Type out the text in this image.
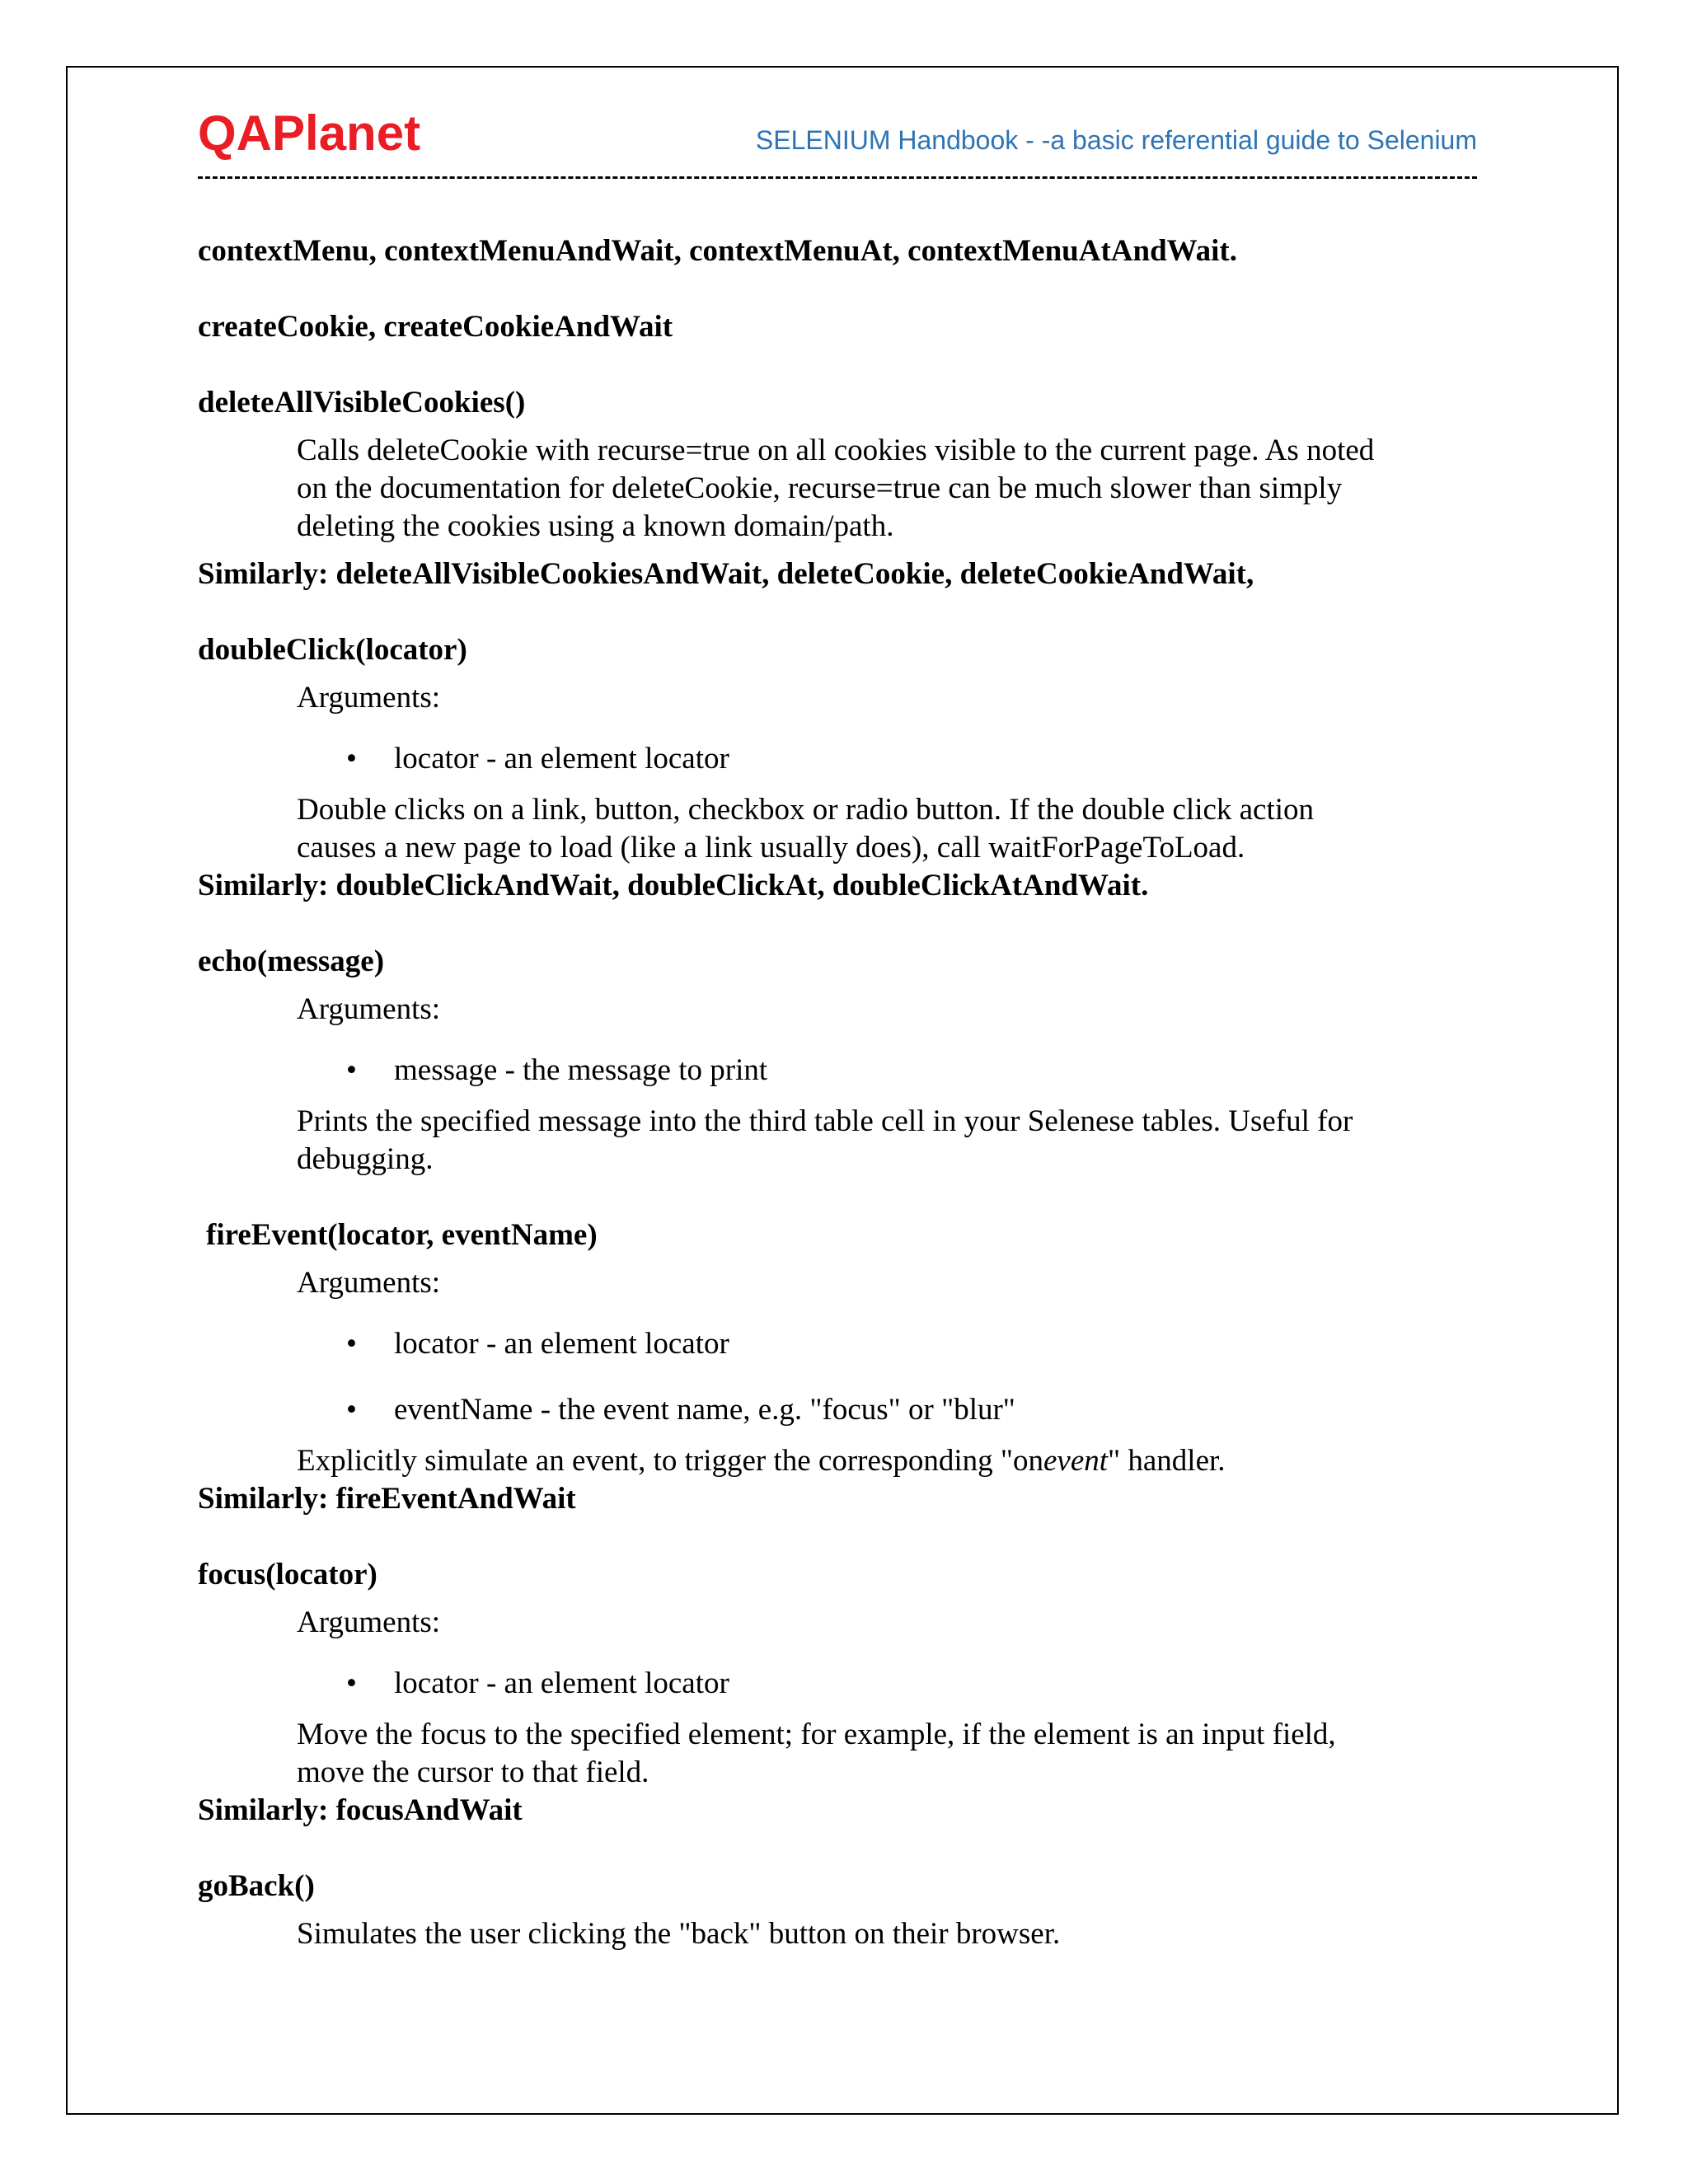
QAPlanet	SELENIUM Handbook - -a basic referential guide to Selenium

contextMenu, contextMenuAndWait, contextMenuAt, contextMenuAtAndWait.

createCookie, createCookieAndWait

deleteAllVisibleCookies()

Calls deleteCookie with recurse=true on all cookies visible to the current page. As noted

on the documentation for deleteCookie, recurse=true can be much slower than simply

deleting the cookies using a known domain/path.

Similarly: deleteAllVisibleCookiesAndWait, deleteCookie, deleteCookieAndWait,

doubleClick(locator)

Arguments:

• locator - an element locator

Double clicks on a link, button, checkbox or radio button. If the double click action

causes a new page to load (like a link usually does), call waitForPageToLoad.

Similarly: doubleClickAndWait, doubleClickAt, doubleClickAtAndWait.

echo(message)

Arguments:

• message - the message to print

Prints the specified message into the third table cell in your Selenese tables. Useful for

debugging.

fireEvent(locator, eventName)

Arguments:

• locator - an element locator

• eventName - the event name, e.g. "focus" or "blur"

Explicitly simulate an event, to trigger the corresponding "onevent" handler.

Similarly: fireEventAndWait

focus(locator)

Arguments:

• locator - an element locator

Move the focus to the specified element; for example, if the element is an input field,

move the cursor to that field.

Similarly: focusAndWait

goBack()

Simulates the user clicking the "back" button on their browser.
